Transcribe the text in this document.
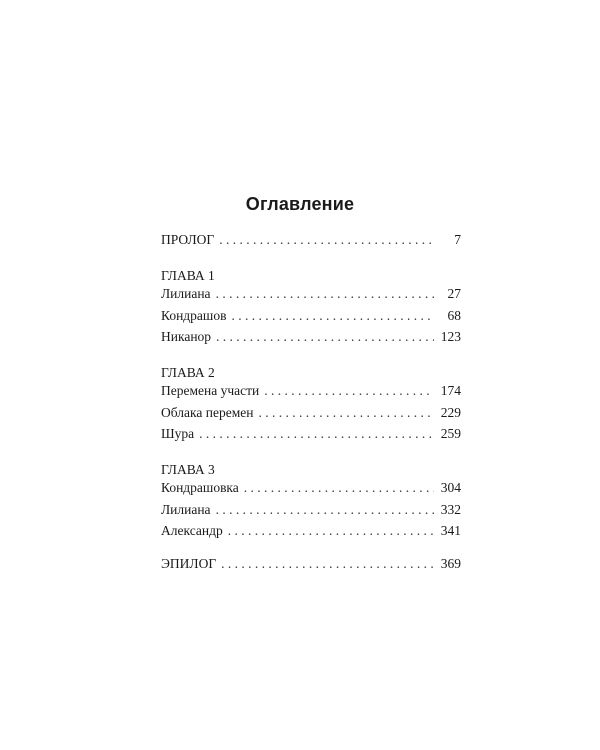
Оглавление
ПРОЛОГ . . .	7
ГЛАВА 1
Лилиана . . .	27
Кондрашов . . .	68
Никанор . . .	123
ГЛАВА 2
Перемена участи . . .	174
Облака перемен . . .	229
Шура . . .	259
ГЛАВА 3
Кондрашовка . . .	304
Лилиана . . .	332
Александр . . .	341
ЭПИЛОГ . . .	369
